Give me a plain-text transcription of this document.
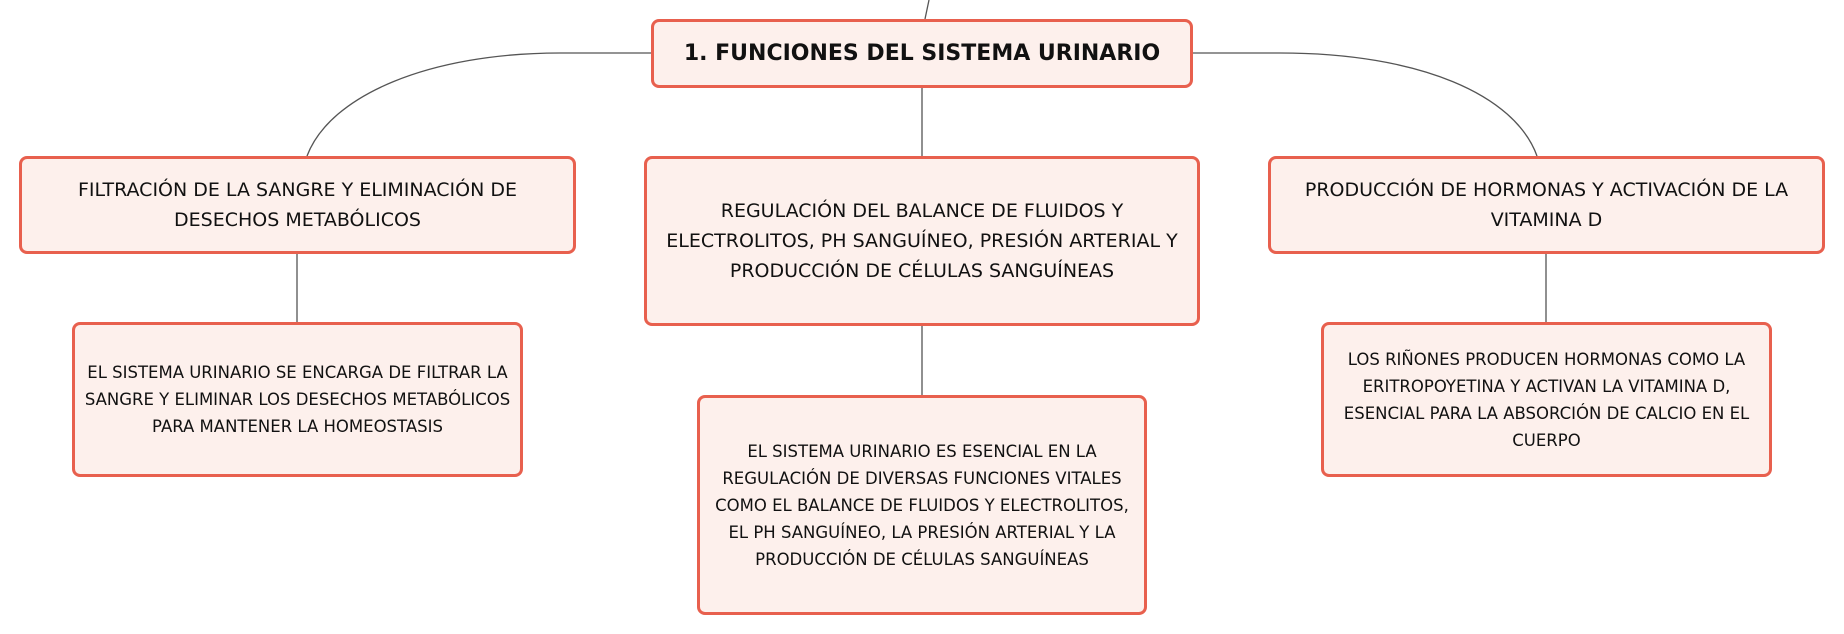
1. FUNCIONES DEL SISTEMA URINARIO
FILTRACIÓN DE LA SANGRE Y ELIMINACIÓN DE DESECHOS METABÓLICOS	REGULACIÓN DEL BALANCE DE FLUIDOS Y ELECTROLITOS, PH SANGUÍNEO, PRESIÓN ARTERIAL Y PRODUCCIÓN DE CÉLULAS SANGUÍNEAS
PRODUCCIÓN DE HORMONAS Y ACTIVACIÓN DE LA VITAMINA D
EL SISTEMA URINARIO SE ENCARGA DE FILTRAR LA SANGRE Y ELIMINAR LOS DESECHOS METABÓLICOS PARA MANTENER LA HOMEOSTASIS
EL SISTEMA URINARIO ES ESENCIAL EN LA REGULACIÓN DE DIVERSAS FUNCIONES VITALES COMO EL BALANCE DE FLUIDOS Y ELECTROLITOS, EL PH SANGUÍNEO, LA PRESIÓN ARTERIAL Y LA PRODUCCIÓN DE CÉLULAS SANGUÍNEAS
LOS RIÑONES PRODUCEN HORMONAS COMO LA ERITROPOYETINA Y ACTIVAN LA VITAMINA D, ESENCIAL PARA LA ABSORCIÓN DE CALCIO EN EL CUERPO
